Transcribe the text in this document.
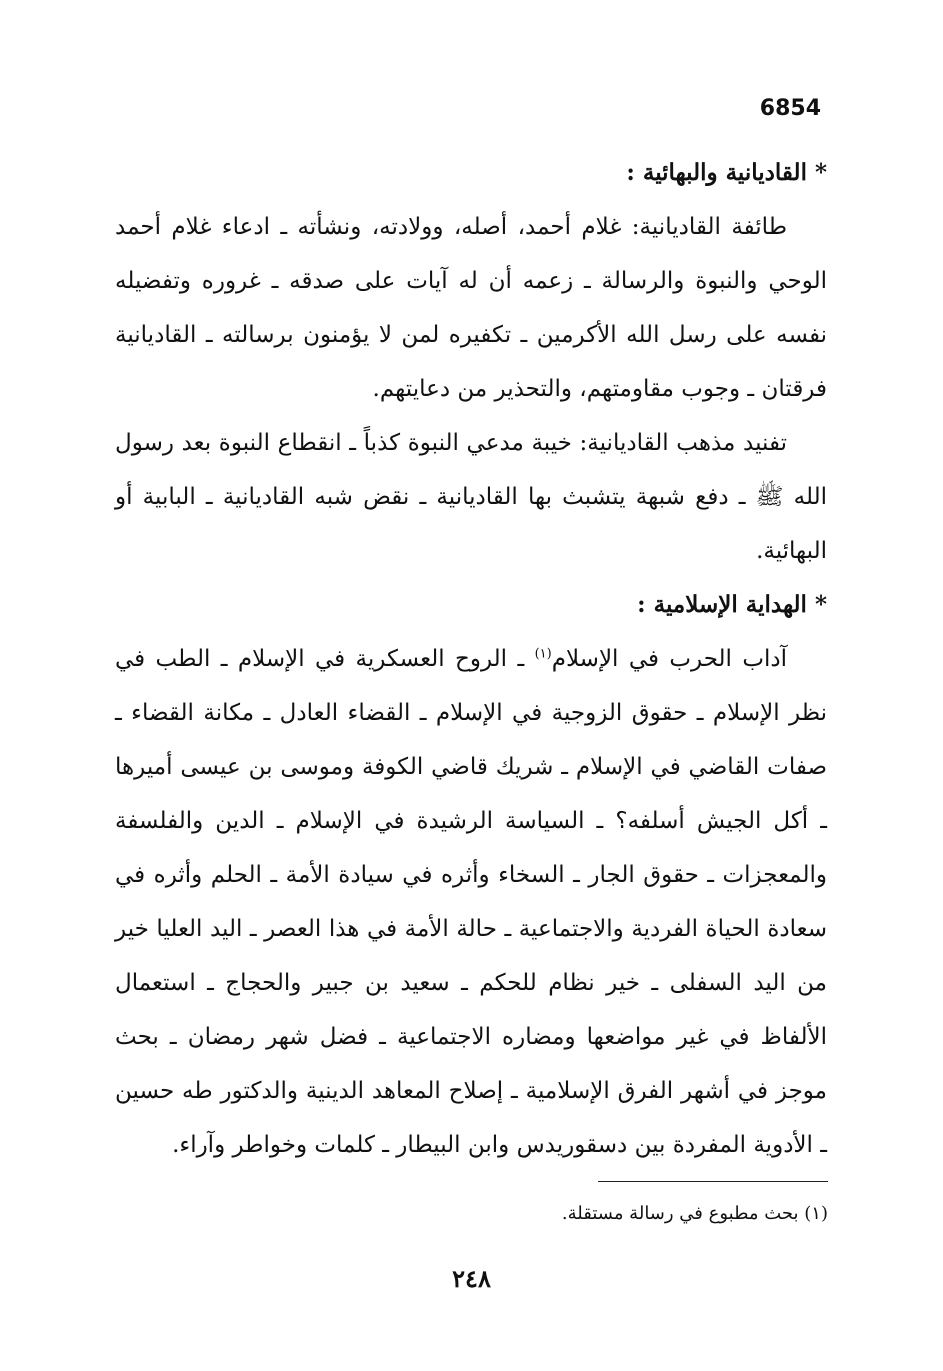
6854

* القاديانية والبهائية :

طائفة القاديانية: غلام أحمد، أصله، وولادته، ونشأته ـ ادعاء غلام أحمد الوحي والنبوة والرسالة ـ زعمه أن له آيات على صدقه ـ غروره وتفضيله نفسه على رسل الله الأكرمين ـ تكفيره لمن لا يؤمنون برسالته ـ القاديانية فرقتان ـ وجوب مقاومتهم، والتحذير من دعايتهم.

تفنيد مذهب القاديانية: خيبة مدعي النبوة كذباً ـ انقطاع النبوة بعد رسول الله ﷺ ـ دفع شبهة يتشبث بها القاديانية ـ نقض شبه القاديانية ـ البابية أو البهائية.

* الهداية الإسلامية :

آداب الحرب في الإسلام$^{(١)}$ ـ الروح العسكرية في الإسلام ـ الطب في نظر الإسلام ـ حقوق الزوجية في الإسلام ـ القضاء العادل ـ مكانة القضاء ـ صفات القاضي في الإسلام ـ شريك قاضي الكوفة وموسى بن عيسى أميرها ـ أكل الجيش أسلفه؟ ـ السياسة الرشيدة في الإسلام ـ الدين والفلسفة والمعجزات ـ حقوق الجار ـ السخاء وأثره في سيادة الأمة ـ الحلم وأثره في سعادة الحياة الفردية والاجتماعية ـ حالة الأمة في هذا العصر ـ اليد العليا خير من اليد السفلى ـ خير نظام للحكم ـ سعيد بن جبير والحجاج ـ استعمال الألفاظ في غير مواضعها ومضاره الاجتماعية ـ فضل شهر رمضان ـ بحث موجز في أشهر الفرق الإسلامية ـ إصلاح المعاهد الدينية والدكتور طه حسين ـ الأدوية المفردة بين دسقوريدس وابن البيطار ـ كلمات وخواطر وآراء.

(١) بحث مطبوع في رسالة مستقلة.
٢٤٨
